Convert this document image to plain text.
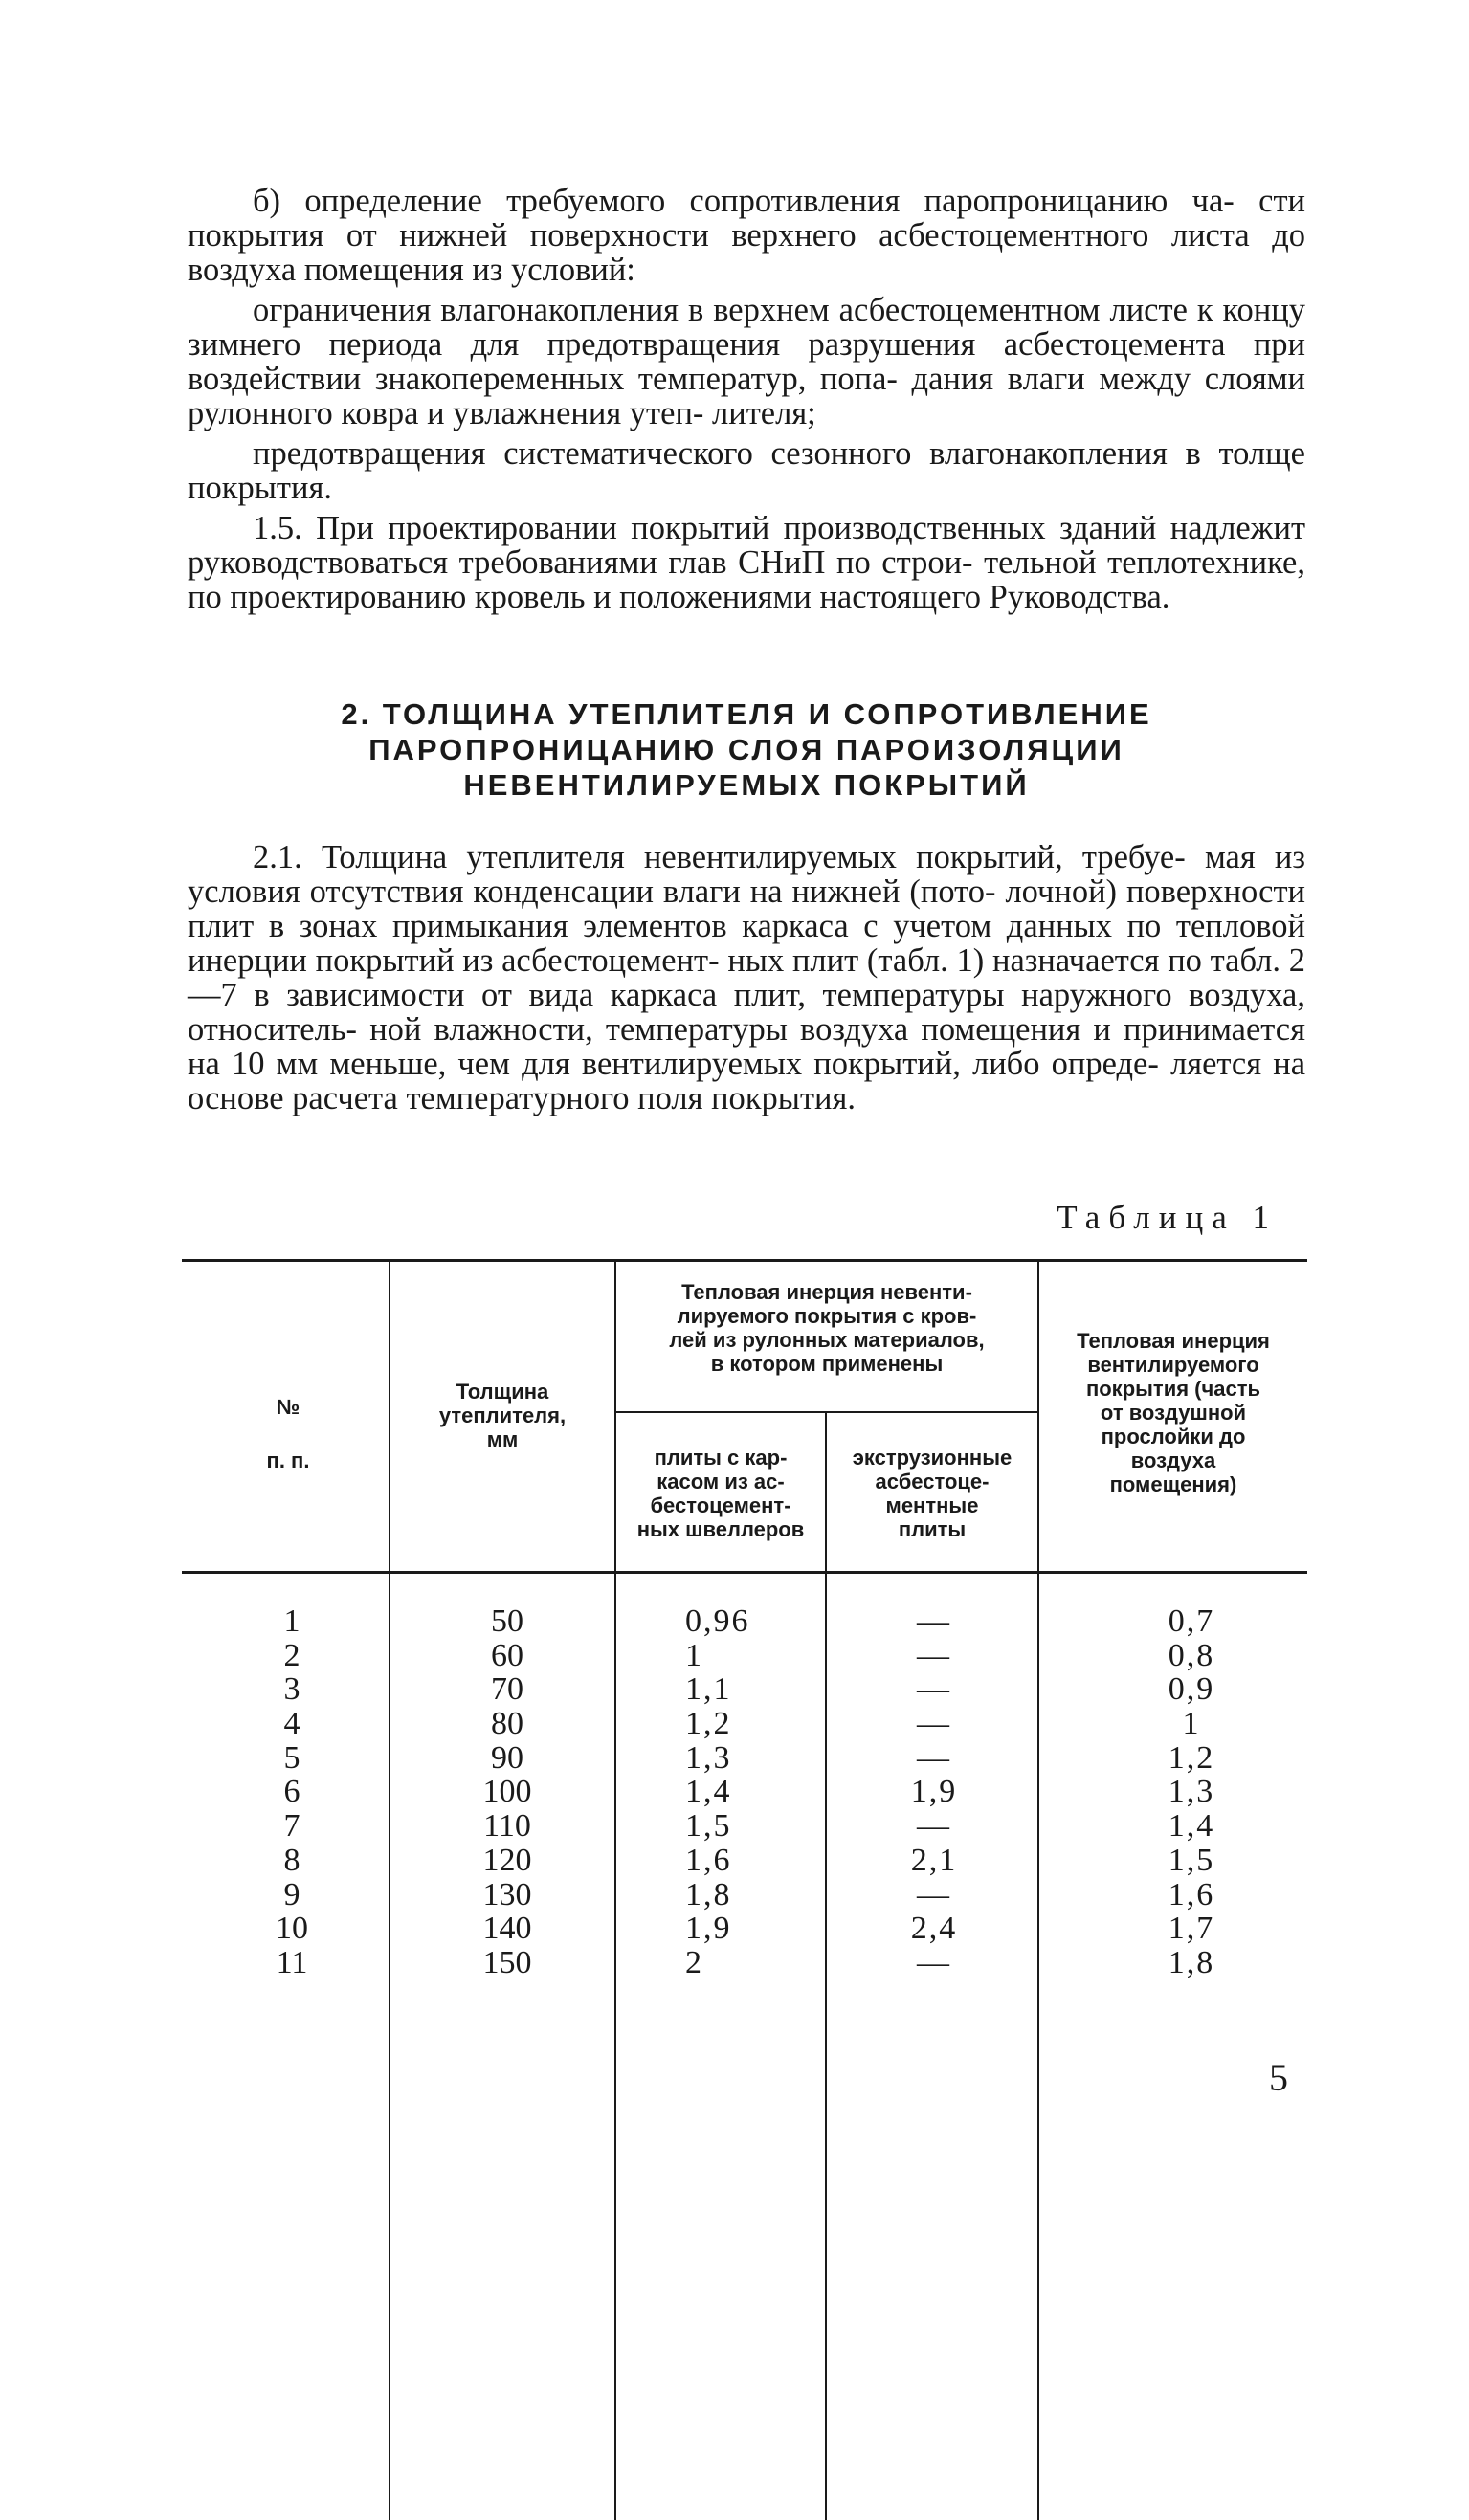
б) определение требуемого сопротивления паропроницанию ча- сти покрытия от нижней поверхности верхнего асбестоцементного листа до воздуха помещения из условий:

ограничения влагонакопления в верхнем асбестоцементном листе к концу зимнего периода для предотвращения разрушения асбестоцемента при воздействии знакопеременных температур, попа- дания влаги между слоями рулонного ковра и увлажнения утеп- лителя;

предотвращения систематического сезонного влагонакопления в толще покрытия.

1.5. При проектировании покрытий производственных зданий надлежит руководствоваться требованиями глав СНиП по строи- тельной теплотехнике, по проектированию кровель и положениями настоящего Руководства.

2. ТОЛЩИНА УТЕПЛИТЕЛЯ И СОПРОТИВЛЕНИЕ
ПАРОПРОНИЦАНИЮ СЛОЯ ПАРОИЗОЛЯЦИИ
НЕВЕНТИЛИРУЕМЫХ ПОКРЫТИЙ

2.1. Толщина утеплителя невентилируемых покрытий, требуе- мая из условия отсутствия конденсации влаги на нижней (пото- лочной) поверхности плит в зонах примыкания элементов каркаса с учетом данных по тепловой инерции покрытий из асбестоцемент- ных плит (табл. 1) назначается по табл. 2—7 в зависимости от вида каркаса плит, температуры наружного воздуха, относитель- ной влажности, температуры воздуха помещения и принимается на 10 мм меньше, чем для вентилируемых покрытий, либо опреде- ляется на основе расчета температурного поля покрытия.

Таблица 1
№
п. п.
Толщина
утеплителя,
мм
Тепловая инерция невенти-
лируемого покрытия с кров-
лей из рулонных материалов,
в котором применены
плиты с кар-
касом из ас-
бестоцемент-
ных швеллеров
экструзионные
асбестоце-
ментные
плиты
Тепловая инерция
вентилируемого
покрытия (часть
от воздушной
прослойки до
воздуха
помещения)
1
2
3
4
5
6
7
8
9
10
11
50
60
70
80
90
100
110
120
130
140
150
0,96
1
1,1
1,2
1,3
1,4
1,5
1,6
1,8
1,9
2
—
—
—
—
—
1,9
—
2,1
—
2,4
—
0,7
0,8
0,9
1
1,2
1,3
1,4
1,5
1,6
1,7
1,8
5
